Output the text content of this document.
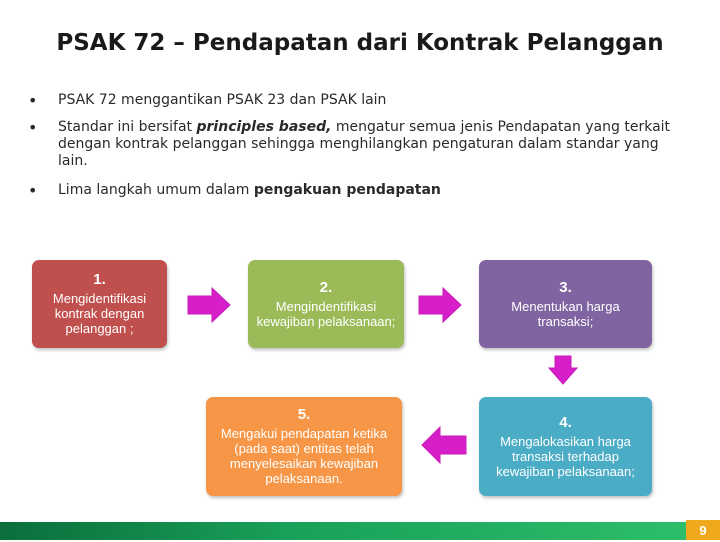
PSAK 72 – Pendapatan dari Kontrak Pelanggan
• PSAK 72 menggantikan PSAK 23 dan PSAK lain
• Standar ini bersifat principles based, mengatur semua jenis Pendapatan yang terkait dengan kontrak pelanggan sehingga menghilangkan pengaturan dalam standar yang lain.
• Lima langkah umum dalam pengakuan pendapatan
1.
Mengidentifikasi kontrak dengan pelanggan ;
2.
Mengindentifikasi kewajiban pelaksanaan;
3.
Menentukan harga transaksi;
4.
Mengalokasikan harga transaksi terhadap kewajiban pelaksanaan;
5.
Mengakui pendapatan ketika (pada saat) entitas telah menyelesaikan kewajiban pelaksanaan.
9
